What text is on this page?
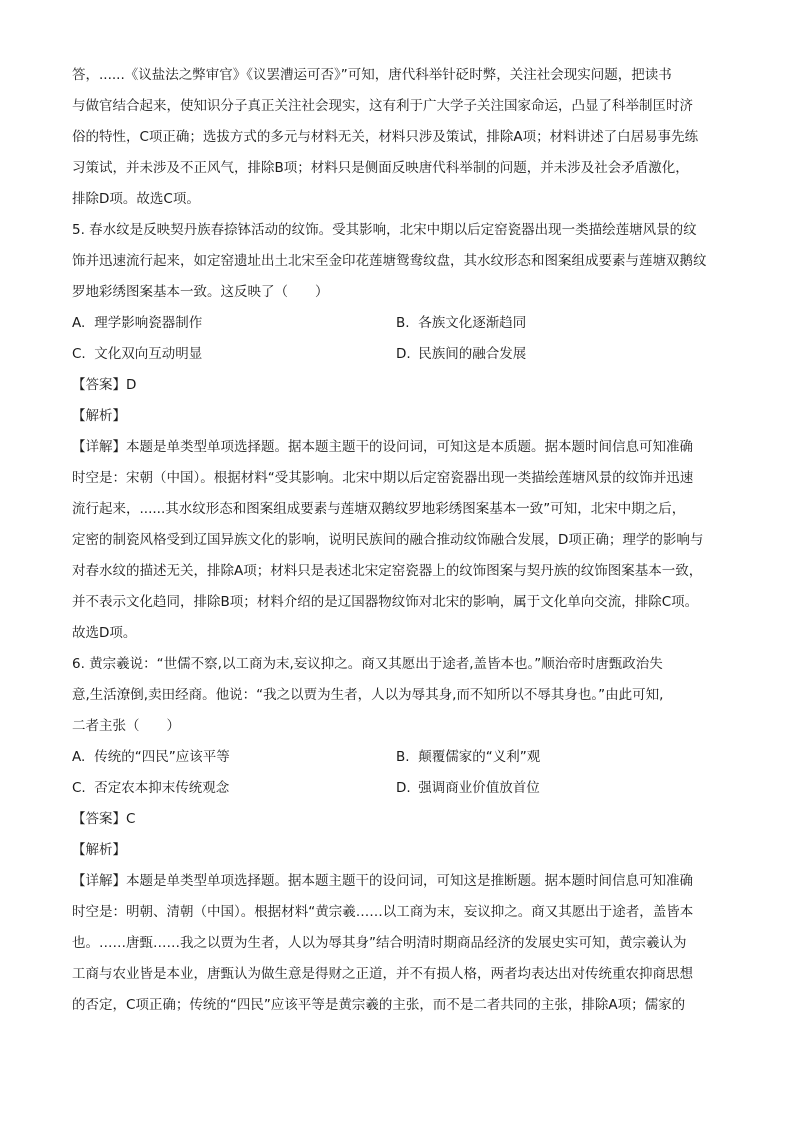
答，......《议盐法之弊审官》《议罢漕运可否》”可知，唐代科举针砭时弊，关注社会现实问题，把读书
与做官结合起来，使知识分子真正关注社会现实，这有利于广大学子关注国家命运，凸显了科举制匡时济
俗的特性，C项正确；选拔方式的多元与材料无关，材料只涉及策试，排除A项；材料讲述了白居易事先练
习策试，并未涉及不正风气，排除B项；材料只是侧面反映唐代科举制的问题，并未涉及社会矛盾激化，
排除D项。故选C项。
5. 春水纹是反映契丹族春捺钵活动的纹饰。受其影响，北宋中期以后定窑瓷器出现一类描绘莲塘风景的纹
饰并迅速流行起来，如定窑遗址出土北宋至金印花莲塘鸳鸯纹盘，其水纹形态和图案组成要素与莲塘双鹅纹
罗地彩绣图案基本一致。这反映了（　　）
A. 理学影响瓷器制作	B. 各族文化逐渐趋同
C. 文化双向互动明显	D. 民族间的融合发展
【答案】D
【解析】
【详解】本题是单类型单项选择题。据本题主题干的设问词，可知这是本质题。据本题时间信息可知准确
时空是：宋朝（中国）。根据材料“受其影响。北宋中期以后定窑瓷器出现一类描绘莲塘风景的纹饰并迅速
流行起来，......其水纹形态和图案组成要素与莲塘双鹅纹罗地彩绣图案基本一致”可知，北宋中期之后，
定密的制瓷风格受到辽国异族文化的影响，说明民族间的融合推动纹饰融合发展，D项正确；理学的影响与
对春水纹的描述无关，排除A项；材料只是表述北宋定窑瓷器上的纹饰图案与契丹族的纹饰图案基本一致，
并不表示文化趋同，排除B项；材料介绍的是辽国器物纹饰对北宋的影响，属于文化单向交流，排除C项。
故选D项。
6. 黄宗羲说：“世儒不察,以工商为末,妄议抑之。商又其愿出于途者,盖皆本也。”顺治帝时唐甄政治失
意,生活潦倒,卖田经商。他说：“我之以贾为生者，人以为辱其身,而不知所以不辱其身也。”由此可知,
二者主张（　　）
A. 传统的“四民”应该平等	B. 颠覆儒家的“义利”观
C. 否定农本抑末传统观念	D. 强调商业价值放首位
【答案】C
【解析】
【详解】本题是单类型单项选择题。据本题主题干的设问词，可知这是推断题。据本题时间信息可知准确
时空是：明朝、清朝（中国）。根据材料“黄宗羲……以工商为末，妄议抑之。商又其愿出于途者，盖皆本
也。……唐甄……我之以贾为生者，人以为辱其身”结合明清时期商品经济的发展史实可知，黄宗羲认为
工商与农业皆是本业，唐甄认为做生意是得财之正道，并不有损人格，两者均表达出对传统重农抑商思想
的否定，C项正确；传统的“四民”应该平等是黄宗羲的主张，而不是二者共同的主张，排除A项；儒家的
